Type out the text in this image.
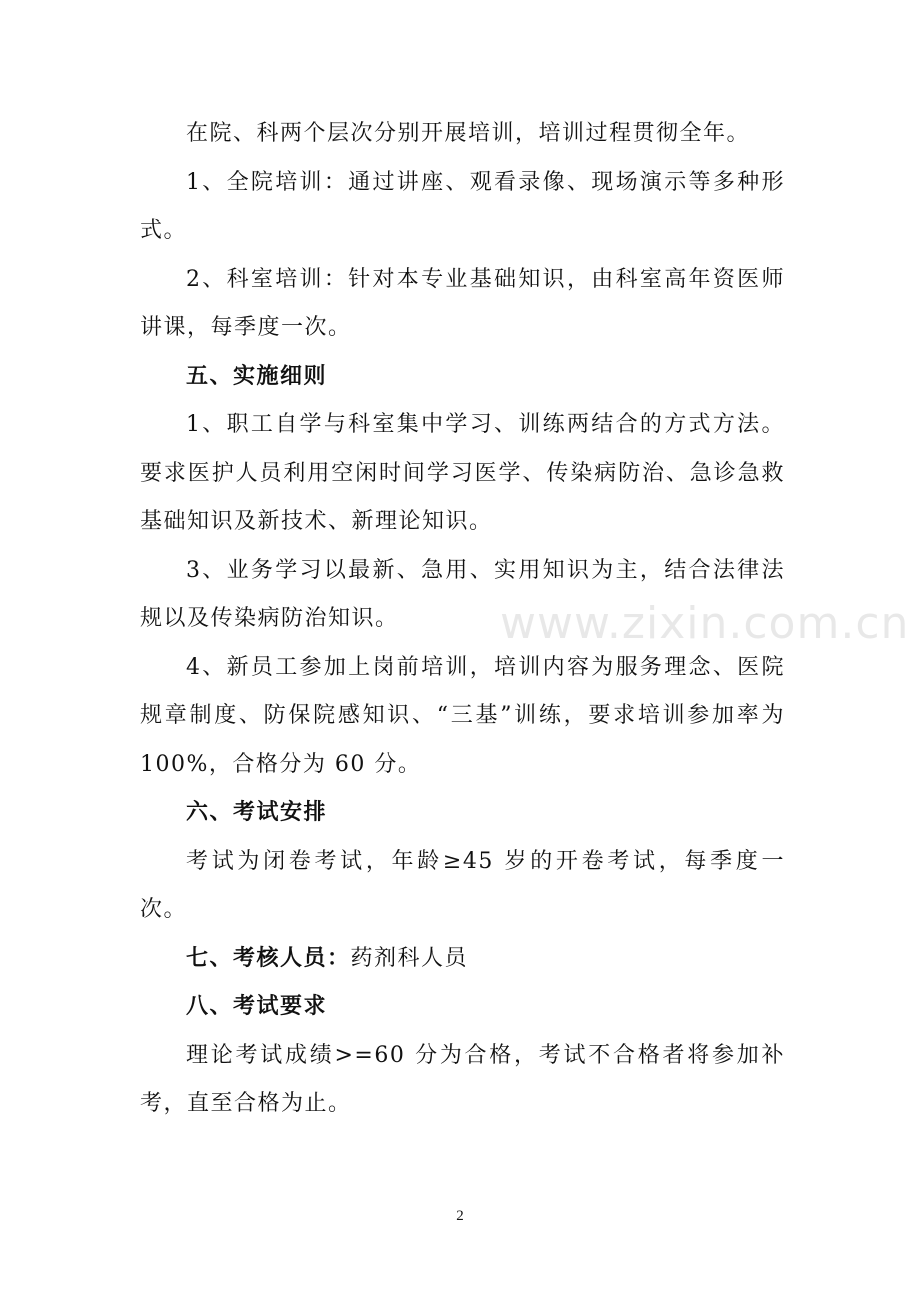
在院、科两个层次分别开展培训，培训过程贯彻全年。

1、全院培训：通过讲座、观看录像、现场演示等多种形式。

2、科室培训：针对本专业基础知识，由科室高年资医师讲课，每季度一次。

五、实施细则

1、职工自学与科室集中学习、训练两结合的方式方法。要求医护人员利用空闲时间学习医学、传染病防治、急诊急救基础知识及新技术、新理论知识。

3、业务学习以最新、急用、实用知识为主，结合法律法规以及传染病防治知识。

4、新员工参加上岗前培训，培训内容为服务理念、医院规章制度、防保院感知识、“三基”训练，要求培训参加率为100%，合格分为 60 分。

六、考试安排

考试为闭卷考试，年龄≥45 岁的开卷考试，每季度一次。

七、考核人员：药剂科人员

八、考试要求

理论考试成绩>=60 分为合格，考试不合格者将参加补考，直至合格为止。

www.zixin.com.cn
2
